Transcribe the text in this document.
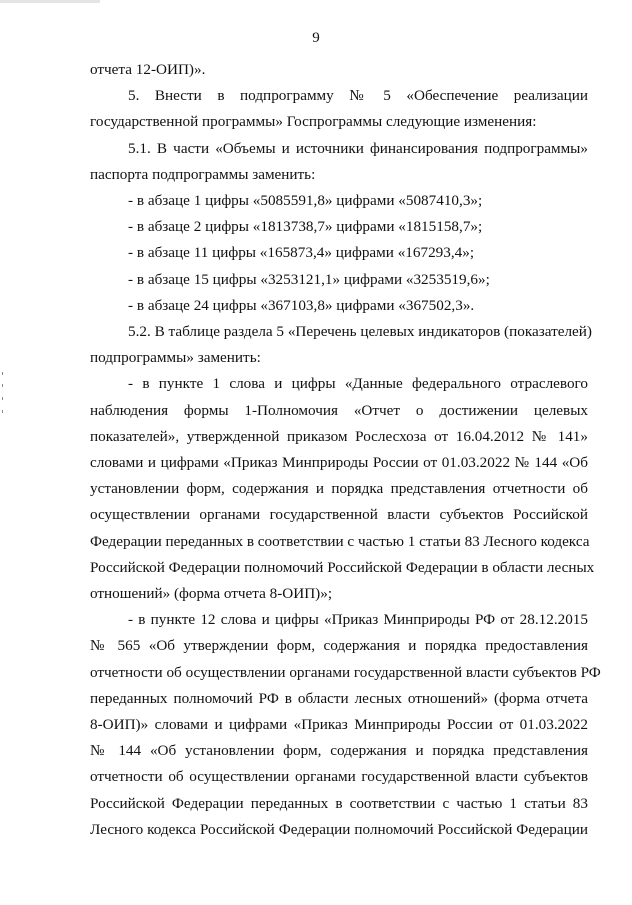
9
отчета 12-ОИП)».
5.  Внести  в  подпрограмму  №  5  «Обеспечение  реализации
государственной программы» Госпрограммы следующие изменения:
5.1. В части «Объемы и источники финансирования подпрограммы»
паспорта подпрограммы заменить:
- в абзаце 1 цифры «5085591,8» цифрами «5087410,3»;
- в абзаце 2 цифры «1813738,7» цифрами «1815158,7»;
- в абзаце 11 цифры «165873,4» цифрами «167293,4»;
- в абзаце 15 цифры «3253121,1» цифрами «3253519,6»;
- в абзаце 24 цифры «367103,8» цифрами «367502,3».
5.2. В таблице раздела 5 «Перечень целевых индикаторов (показателей)
подпрограммы» заменить:
- в пункте 1 слова и цифры «Данные федерального отраслевого
наблюдения формы 1-Полномочия «Отчет о достижении целевых
показателей», утвержденной приказом Рослесхоза от 16.04.2012 № 141»
словами и цифрами «Приказ Минприроды России от 01.03.2022 № 144 «Об
установлении форм, содержания и порядка представления отчетности об
осуществлении органами государственной власти субъектов Российской
Федерации переданных в соответствии с частью 1 статьи 83 Лесного кодекса
Российской Федерации полномочий Российской Федерации в области лесных
отношений» (форма отчета 8-ОИП)»;
- в пункте 12 слова и цифры «Приказ Минприроды РФ от 28.12.2015
№ 565 «Об утверждении форм, содержания и порядка предоставления
отчетности об осуществлении органами государственной власти субъектов РФ
переданных полномочий РФ в области лесных отношений» (форма отчета
8-ОИП)» словами и цифрами «Приказ Минприроды России от 01.03.2022
№ 144 «Об установлении форм, содержания и порядка представления
отчетности об осуществлении органами государственной власти субъектов
Российской Федерации переданных в соответствии с частью 1 статьи 83
Лесного кодекса Российской Федерации полномочий Российской Федерации
